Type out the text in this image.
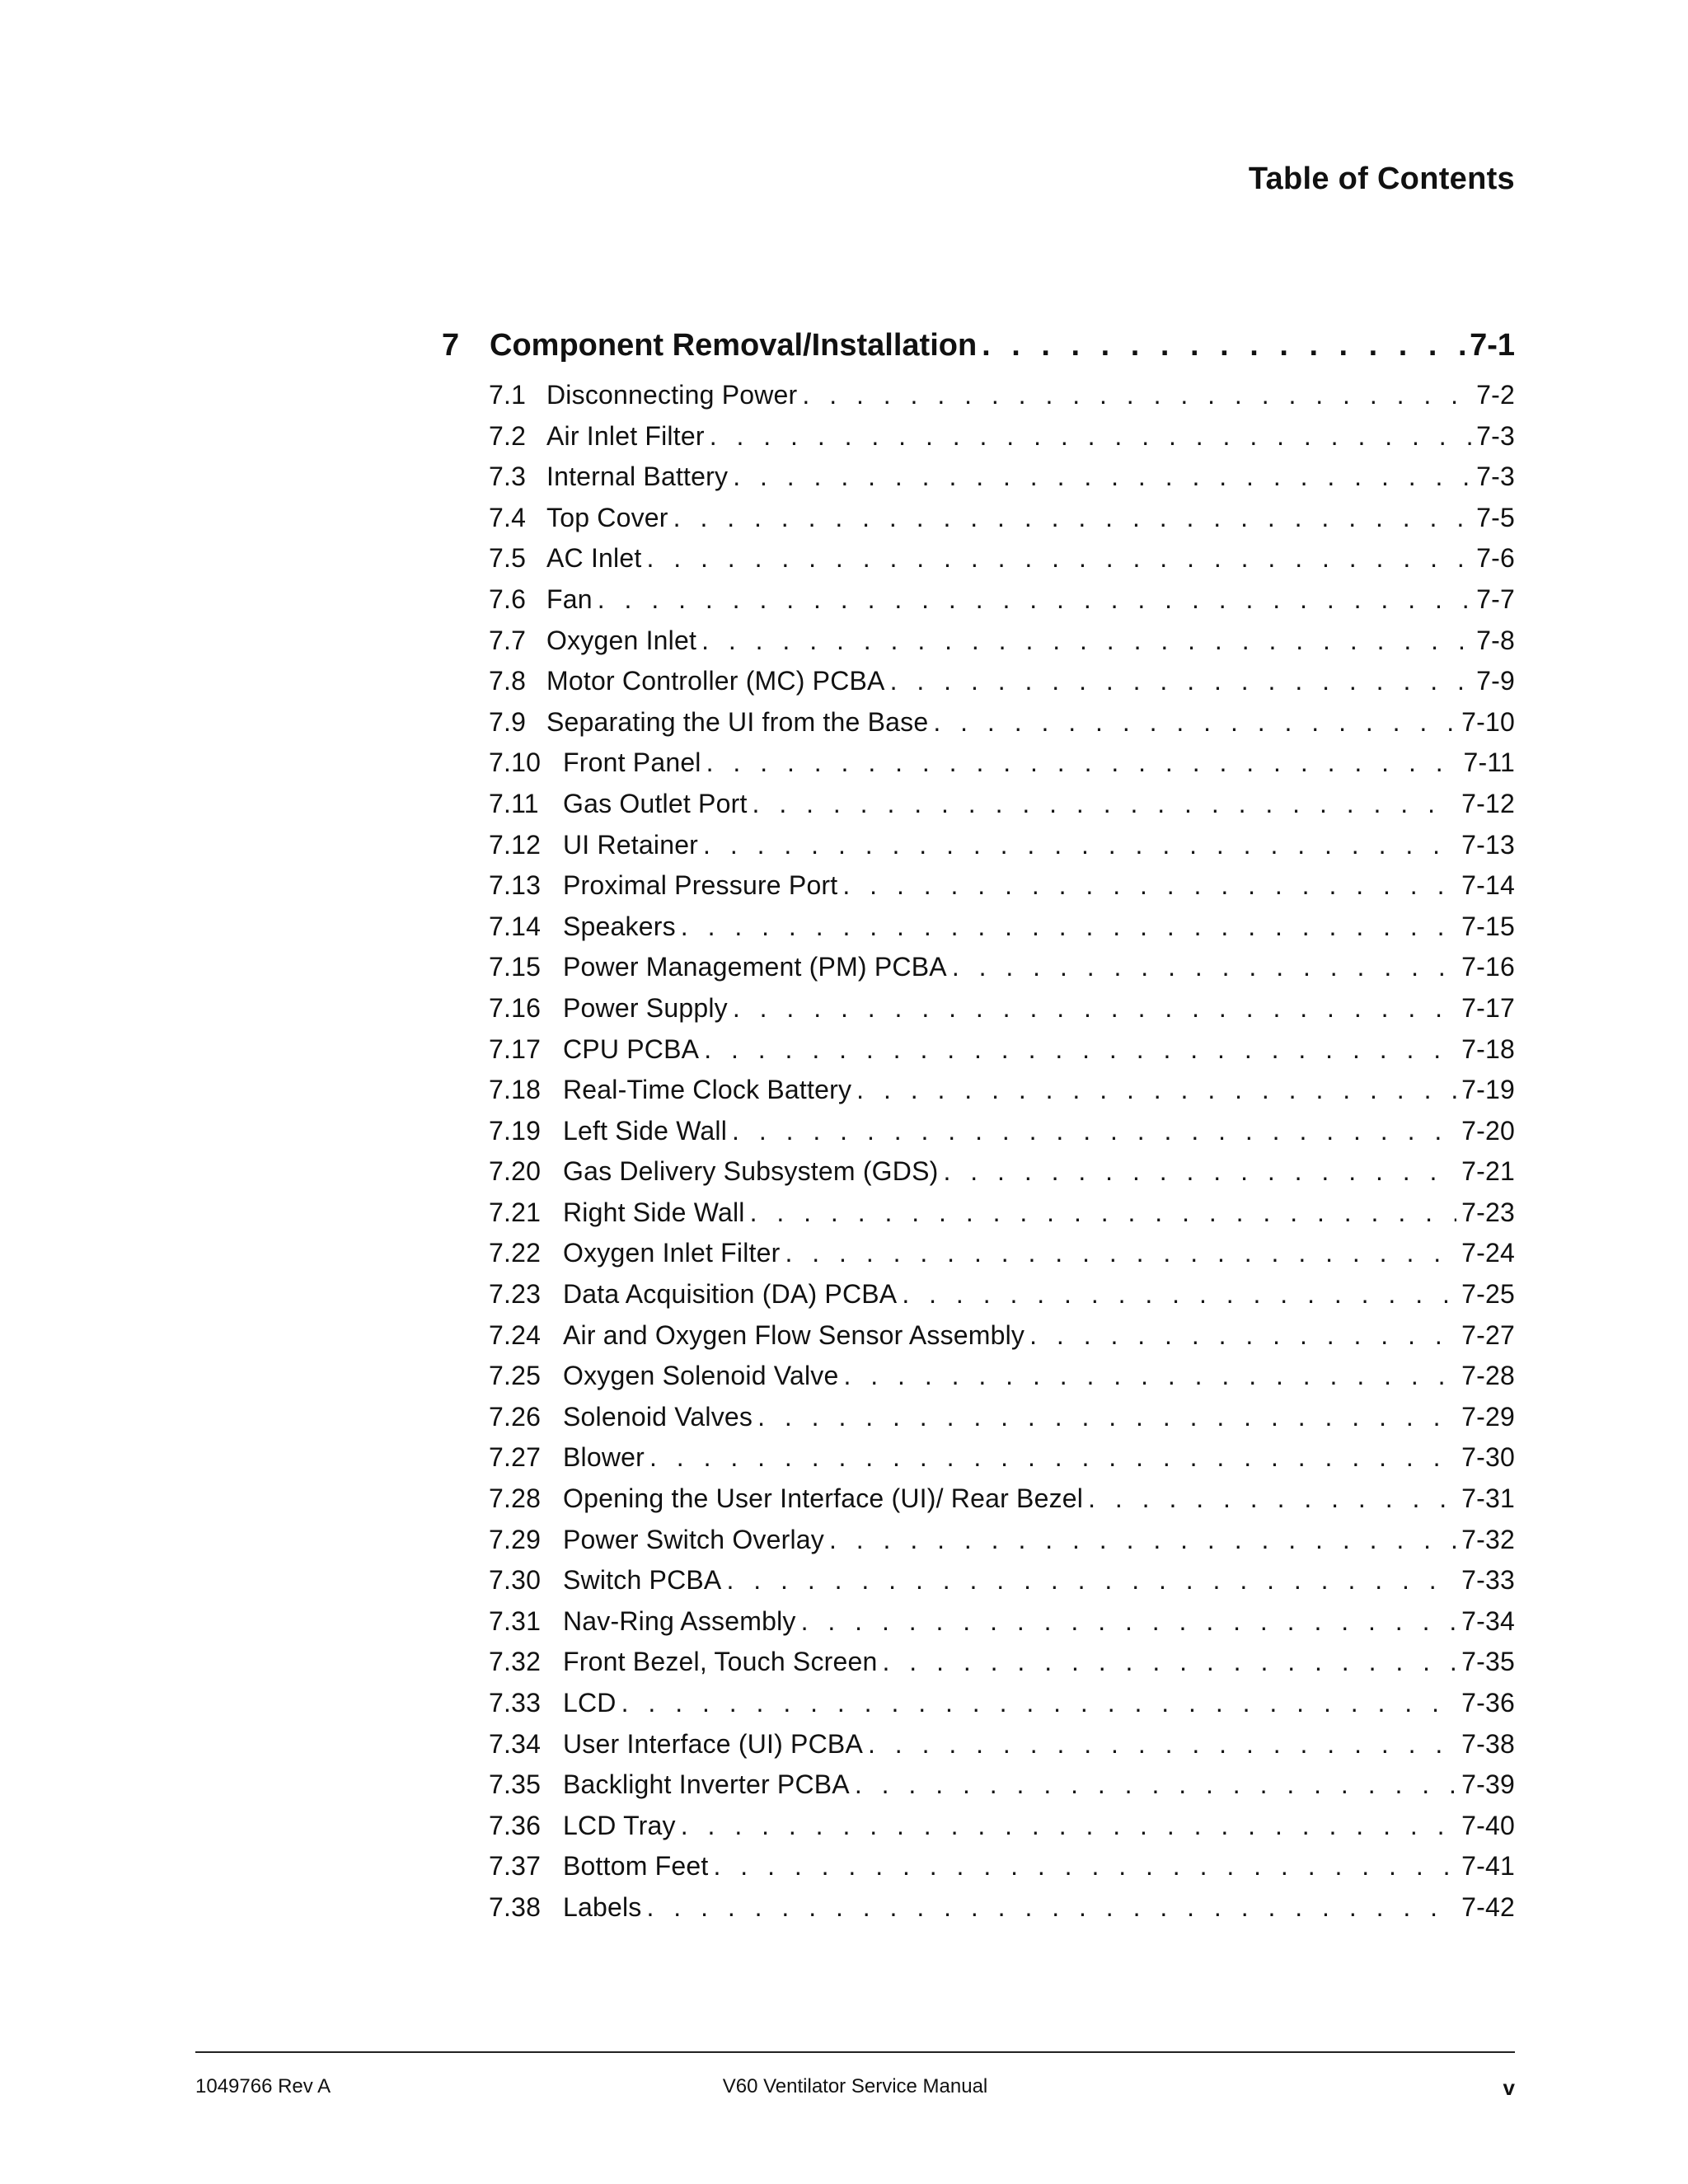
Table of Contents
7 Component Removal/Installation . . .	7-1
7.1 Disconnecting Power . . .	7-2
7.2 Air Inlet Filter . . .	7-3
7.3 Internal Battery . . .	7-3
7.4 Top Cover . . .	7-5
7.5 AC Inlet . . .	7-6
7.6 Fan . . .	7-7
7.7 Oxygen Inlet . . .	7-8
7.8 Motor Controller (MC) PCBA . . .	7-9
7.9 Separating the UI from the Base . . .	7-10
7.10 Front Panel . . .	7-11
7.11 Gas Outlet Port . . .	7-12
7.12 UI Retainer . . .	7-13
7.13 Proximal Pressure Port . . .	7-14
7.14 Speakers . . .	7-15
7.15 Power Management (PM) PCBA . . .	7-16
7.16 Power Supply . . .	7-17
7.17 CPU PCBA . . .	7-18
7.18 Real-Time Clock Battery . . .	7-19
7.19 Left Side Wall . . .	7-20
7.20 Gas Delivery Subsystem (GDS) . . .	7-21
7.21 Right Side Wall . . .	7-23
7.22 Oxygen Inlet Filter . . .	7-24
7.23 Data Acquisition (DA) PCBA . . .	7-25
7.24 Air and Oxygen Flow Sensor Assembly . . .	7-27
7.25 Oxygen Solenoid Valve . . .	7-28
7.26 Solenoid Valves . . .	7-29
7.27 Blower . . .	7-30
7.28 Opening the User Interface (UI)/ Rear Bezel . . .	7-31
7.29 Power Switch Overlay . . .	7-32
7.30 Switch PCBA . . .	7-33
7.31 Nav-Ring Assembly . . .	7-34
7.32 Front Bezel, Touch Screen . . .	7-35
7.33 LCD . . .	7-36
7.34 User Interface (UI) PCBA . . .	7-38
7.35 Backlight Inverter PCBA . . .	7-39
7.36 LCD Tray . . .	7-40
7.37 Bottom Feet . . .	7-41
7.38 Labels . . .	7-42
1049766 Rev A	V60 Ventilator Service Manual	v
